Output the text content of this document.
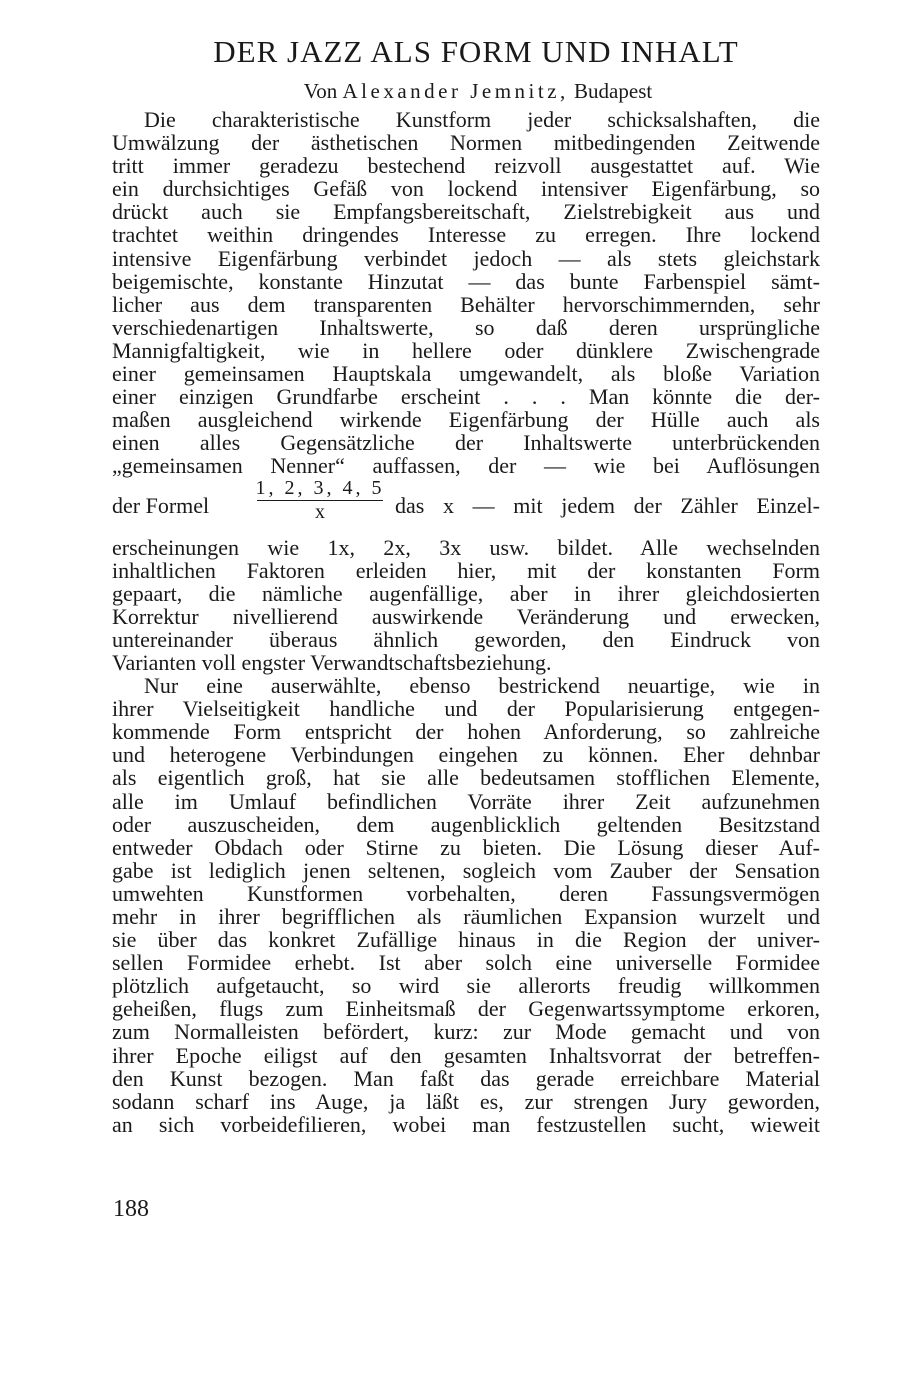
DER JAZZ ALS FORM UND INHALT

Von Alexander Jemnitz, Budapest

Die charakteristische Kunstform jeder schicksalshaften, die
Umwälzung der ästhetischen Normen mitbedingenden Zeitwende
tritt immer geradezu bestechend reizvoll ausgestattet auf. Wie
ein durchsichtiges Gefäß von lockend intensiver Eigenfärbung, so
drückt auch sie Empfangsbereitschaft, Zielstrebigkeit aus und
trachtet weithin dringendes Interesse zu erregen. Ihre lockend
intensive Eigenfärbung verbindet jedoch — als stets gleichstark
beigemischte, konstante Hinzutat — das bunte Farbenspiel sämt-
licher aus dem transparenten Behälter hervorschimmernden, sehr
verschiedenartigen Inhaltswerte, so daß deren ursprüngliche
Mannigfaltigkeit, wie in hellere oder dünklere Zwischengrade
einer gemeinsamen Hauptskala umgewandelt, als bloße Variation
einer einzigen Grundfarbe erscheint . . . Man könnte die der-
maßen ausgleichend wirkende Eigenfärbung der Hülle auch als
einen alles Gegensätzliche der Inhaltswerte unterbrückenden
„gemeinsamen Nenner“ auffassen, der — wie bei Auflösungen
der Formel
1, 2, 3, 4, 5
x	das x — mit jedem der Zähler Einzel-
erscheinungen wie 1x, 2x, 3x usw. bildet. Alle wechselnden
inhaltlichen Faktoren erleiden hier, mit der konstanten Form
gepaart, die nämliche augenfällige, aber in ihrer gleichdosierten
Korrektur nivellierend auswirkende Veränderung und erwecken,
untereinander überaus ähnlich geworden, den Eindruck von
Varianten voll engster Verwandtschaftsbeziehung.
Nur eine auserwählte, ebenso bestrickend neuartige, wie in
ihrer Vielseitigkeit handliche und der Popularisierung entgegen-
kommende Form entspricht der hohen Anforderung, so zahlreiche
und heterogene Verbindungen eingehen zu können. Eher dehnbar
als eigentlich groß, hat sie alle bedeutsamen stofflichen Elemente,
alle im Umlauf befindlichen Vorräte ihrer Zeit aufzunehmen
oder auszuscheiden, dem augenblicklich geltenden Besitzstand
entweder Obdach oder Stirne zu bieten. Die Lösung dieser Auf-
gabe ist lediglich jenen seltenen, sogleich vom Zauber der Sensation
umwehten Kunstformen vorbehalten, deren Fassungsvermögen
mehr in ihrer begrifflichen als räumlichen Expansion wurzelt und
sie über das konkret Zufällige hinaus in die Region der univer-
sellen Formidee erhebt. Ist aber solch eine universelle Formidee
plötzlich aufgetaucht, so wird sie allerorts freudig willkommen
geheißen, flugs zum Einheitsmaß der Gegenwartssymptome erkoren,
zum Normalleisten befördert, kurz: zur Mode gemacht und von
ihrer Epoche eiligst auf den gesamten Inhaltsvorrat der betreffen-
den Kunst bezogen. Man faßt das gerade erreichbare Material
sodann scharf ins Auge, ja läßt es, zur strengen Jury geworden,
an sich vorbeidefilieren, wobei man festzustellen sucht, wieweit
188
